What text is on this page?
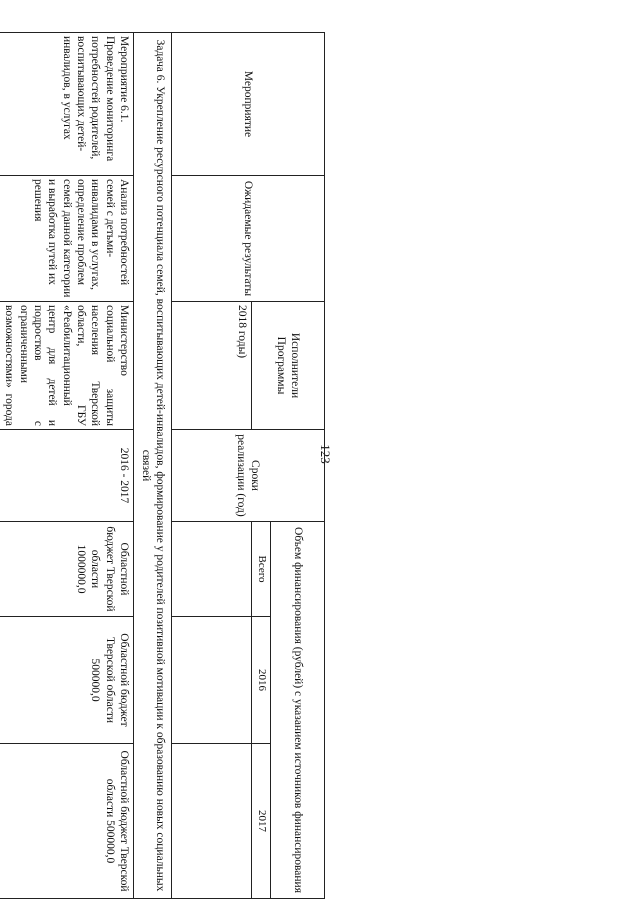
123
Мероприятие	Ожидаемые результаты	Исполнители Программы	Сроки реализации (год)	Объем финансирования (рублей) с указанием источников финансирования		
				Всего	2016	2017
		2018 годы)				
Задача 6. Укрепление ресурсного потенциала семей, воспитывающих детей-инвалидов, формирование у родителей позитивной мотивации к образованию новых социальных связей						
Мероприятие 6.1. Проведение мониторинга потребностей родителей, воспитывающих детей-инвалидов, в услугах	Анализ потребностей семей с детьми-инвалидами в услугах, определение проблем семей данной категории и выработка путей их решения	Министерство социальной защиты населения Тверской области, ГБУ «Реабилитационный центр для детей и подростков с ограниченными возможностями» города	2016 - 2017	Областной бюджет Тверской области 1000000,0	Областной бюджет Тверской области 500000,0	Областной бюджет Тверской области 500000,0
